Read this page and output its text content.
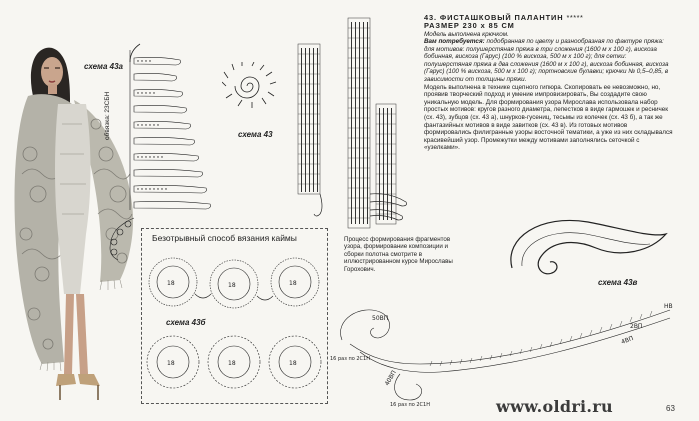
схема 43а
обвязка: 23СБН	схема 43
43. ФИСТАШКОВЫЙ ПАЛАНТИН *****
РАЗМЕР 230 х 85 СМ

Модель выполнена крючком.

Вам потребуется: подобранная по цвету и разнообразная по фактуре пряжа: для мотивов: полушерстяная пряжа в три сложения (1600 м х 100 г), вискоза бобинная, вискоза (Гарус) (100 % вискоза, 500 м х 100 г); для сетки: полушерстяная пряжа в два сложения (1600 м х 100 г), вискоза бобинная, вискоза (Гарус) (100 % вискоза, 500 м х 100 г); портновские булавки; крючки № 0,5–0,85, в зависимости от толщины пряжи.

Модель выполнена в технике сцепного гипюра. Скопировать ее невозможно, но, проявив творческий подход и умение импровизировать, Вы создадите свою уникальную модель. Для формирования узора Мирослава использовала набор простых мотивов: кругов разного диаметра, лепестков в виде гармошек и ресничек (сх. 43), зубцов (сх. 43 а), шнурков-гусениц, тесьмы из колечек (сх. 43 б), а так же фантазийных мотивов в виде завитков (сх. 43 в). Из готовых мотивов формировались филигранные узоры восточной тематики, а уже из них складывался красивейший узор. Промежутки между мотивами заполнялись сеточкой с «узелками».

Безотрывный способ вязания каймы
18	18	18
схема 43б
18	18	18
Процесс формирования фрагментов узора, формирование композиции и сборки полотна смотрите в иллюстрированном курсе Мирославы Горохович.
схема 43в
50ВП
40ВП
16 раз по 2С1Н
16 раз по 2С1Н
НВ
4ВП
2ВП
www.oldri.ru	63
